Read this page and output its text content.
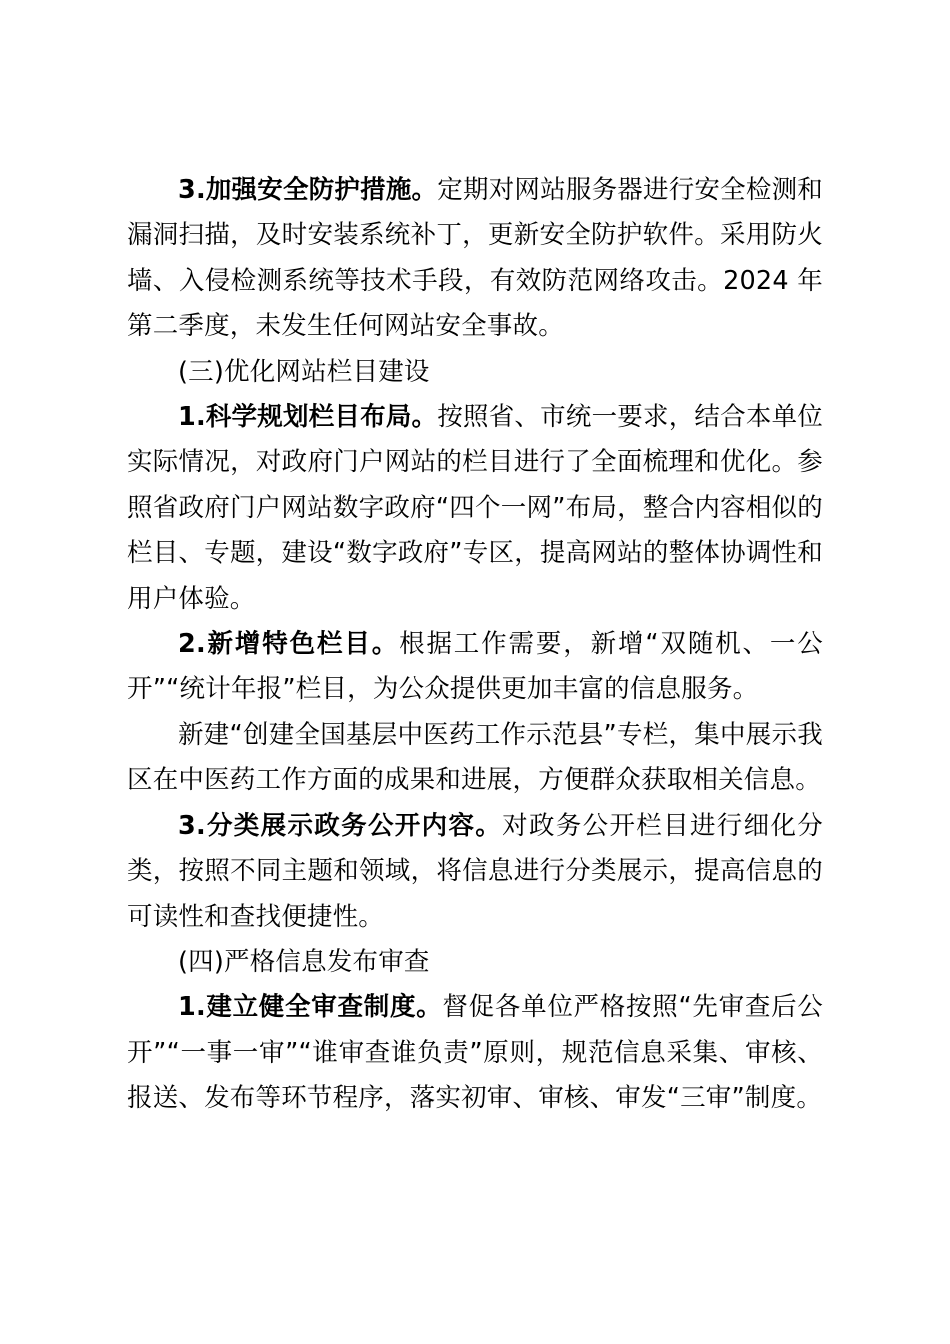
3.加强安全防护措施。定期对网站服务器进行安全检测和漏洞扫描，及时安装系统补丁，更新安全防护软件。采用防火墙、入侵检测系统等技术手段，有效防范网络攻击。2024 年第二季度，未发生任何网站安全事故。

(三)优化网站栏目建设

1.科学规划栏目布局。按照省、市统一要求，结合本单位实际情况，对政府门户网站的栏目进行了全面梳理和优化。参照省政府门户网站数字政府“四个一网”布局，整合内容相似的栏目、专题，建设“数字政府”专区，提高网站的整体协调性和用户体验。

2.新增特色栏目。根据工作需要，新增“双随机、一公开”“统计年报”栏目，为公众提供更加丰富的信息服务。

新建“创建全国基层中医药工作示范县”专栏，集中展示我区在中医药工作方面的成果和进展，方便群众获取相关信息。

3.分类展示政务公开内容。对政务公开栏目进行细化分类，按照不同主题和领域，将信息进行分类展示，提高信息的可读性和查找便捷性。

(四)严格信息发布审查

1.建立健全审查制度。督促各单位严格按照“先审查后公开”“一事一审”“谁审查谁负责”原则，规范信息采集、审核、报送、发布等环节程序，落实初审、审核、审发“三审”制度。
